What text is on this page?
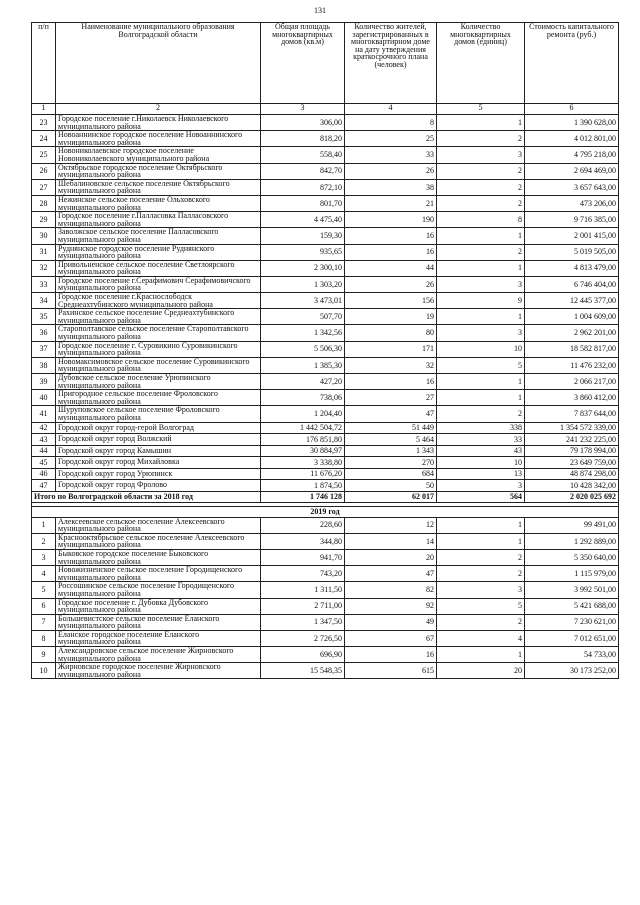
131
п/п	Наименование муниципального образования Волгоградской области	Общая площадь многоквартирных домов (кв.м)	Количество жителей, зарегистрированных в многоквартирном доме на дату утверждения краткосрочного плана (человек)	Количество многоквартирных домов (единиц)	Стоимость капитального ремонта (руб.)
1	2	3	4	5	6
23	Городское поселение г.Николаевск Николаевского муниципального района	306,00	8	1	1 390 628,00
24	Новоаннинское городское поселение Новоаннинского муниципального района	818,20	25	2	4 012 801,00
25	Новониколаевское городское поселение Новониколаевского муниципального района	558,40	33	3	4 795 218,00
26	Октябрьское городское поселение Октябрьского муниципального района	842,70	26	2	2 694 469,00
27	Шебалиновское сельское поселение Октябрьского муниципального района	872,10	38	2	3 657 643,00
28	Нежинское сельское поселение Ольховского муниципального района	801,70	21	2	473 206,00
29	Городское поселение г.Палласовка Палласовского муниципального района	4 475,40	190	8	9 716 385,00
30	Заволжское сельское поселение Палласовского муниципального района	159,30	16	1	2 001 415,00
31	Руднянское городское поселение Руднянского муниципального района	935,65	16	2	5 019 505,00
32	Привольненское сельское поселение Светлоярского муниципального района	2 300,10	44	1	4 813 479,00
33	Городское поселение г.Серафимович Серафимовичского муниципального района	1 303,20	26	3	6 746 404,00
34	Городское поселение г.Краснослободск Среднеахтубинского муниципального района	3 473,01	156	9	12 445 377,00
35	Рахинское сельское поселение Среднеахтубинского муниципального района	507,70	19	1	1 004 609,00
36	Старополтавское сельское поселение Старополтавского муниципального района	1 342,56	80	3	2 962 201,00
37	Городское поселение г. Суровикино Суровикинского муниципального района	5 506,30	171	10	18 582 817,00
38	Новомаксимовское сельское поселение Суровикинского муниципального района	1 385,30	32	5	11 476 232,00
39	Дубовское сельское поселение Урюпинского муниципального района	427,20	16	1	2 066 217,00
40	Пригородное сельское поселение Фроловского муниципального района	738,06	27	1	3 860 412,00
41	Шуруповское сельское поселение Фроловского муниципального района	1 204,40	47	2	7 837 644,00
42	Городской округ город-герой Волгоград	1 442 504,72	51 449	338	1 354 572 339,00
43	Городской округ город Волжский	176 851,80	5 464	33	241 232 225,00
44	Городской округ город Камышин	30 884,97	1 343	43	79 178 994,00
45	Городской округ город Михайловка	3 338,80	270	10	23 649 759,00
46	Городской округ город Урюпинск	11 676,20	684	13	48 874 298,00
47	Городской округ город Фролово	1 874,50	50	3	10 428 342,00
Итого по Волгоградской области за 2018 год		1 746 128	62 017	564	2 020 025 692

2019 год					
1	Алексеевское сельское поселение Алексеевского муниципального района	228,60	12	1	99 491,00
2	Краснооктябрьское сельское поселение Алексеевского муниципального района	344,80	14	1	1 292 889,00
3	Быковское городское поселение Быковского муниципального района	941,70	20	2	5 350 640,00
4	Новожизненское сельское поселение Городищенского муниципального района	743,20	47	2	1 115 979,00
5	Россошинское сельское поселение Городищенского муниципального района	1 311,50	82	3	3 992 501,00
6	Городское поселение г. Дубовка Дубовского муниципального района	2 711,00	92	5	5 421 688,00
7	Большевистское сельское поселение Еланского муниципального района	1 347,50	49	2	7 230 621,00
8	Еланское городское поселение Еланского муниципального района	2 726,50	67	4	7 012 651,00
9	Александровское сельское поселение Жирновского муниципального района	696,90	16	1	54 733,00
10	Жирновское городское поселение Жирновского муниципального района	15 548,35	615	20	30 173 252,00
